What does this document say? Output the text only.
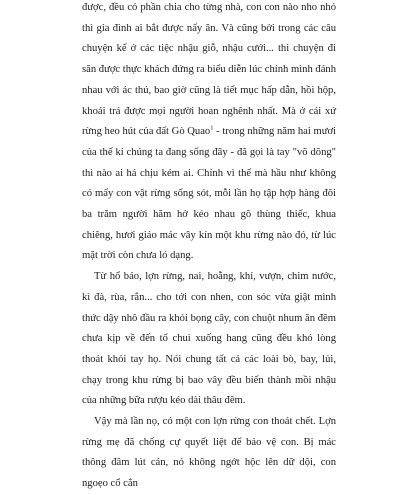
được, đều có phần chia cho từng nhà, con con nào nho nhỏ thì gia đình ai bắt được nấy ăn. Và cũng bởi trong các câu chuyện kể ở các tiệc nhậu giỗ, nhậu cưới... thì chuyện đi săn được thực khách đứng ra biểu diễn lúc chính mình đánh nhau với ác thú, bao giờ cũng là tiết mục hấp dẫn, hồi hộp, khoái trá được mọi người hoan nghênh nhất. Mà ở cái xứ rừng heo hút của đất Gò Quao$^1$ - trong những năm hai mươi của thế kỉ chúng ta đang sống đây - đã gọi là tay "võ dõng" thì nào ai há chịu kém ai. Chính vì thế mà hầu như không có mấy con vật rừng sống sót, mỗi lần họ tập hợp hàng đôi ba trăm người hăm hở kéo nhau gõ thùng thiếc, khua chiêng, hươi giáo mác vây kín một khu rừng nào đó, từ lúc mặt trời còn chưa ló dạng.

Từ hổ báo, lợn rừng, nai, hoẵng, khỉ, vượn, chim nước, kì đà, rùa, rắn... cho tới con nhen, con sóc vừa giật mình thức dậy nhô đầu ra khỏi bọng cây, con chuột nhum ăn đêm chưa kịp về đến tổ chui xuống hang cũng đều khó lòng thoát khỏi tay họ. Nói chung tất cả các loài bò, bay, lủi, chạy trong khu rừng bị bao vây đều biến thành mồi nhậu của những bữa rượu kéo dài thâu đêm.

Vậy mà lần nọ, có một con lợn rừng con thoát chết. Lợn rừng mẹ đã chống cự quyết liệt để bảo vệ con. Bị mác thông đâm lút cán, nó không ngớt hộc lên dữ dội, con ngoẹo cổ cắn
